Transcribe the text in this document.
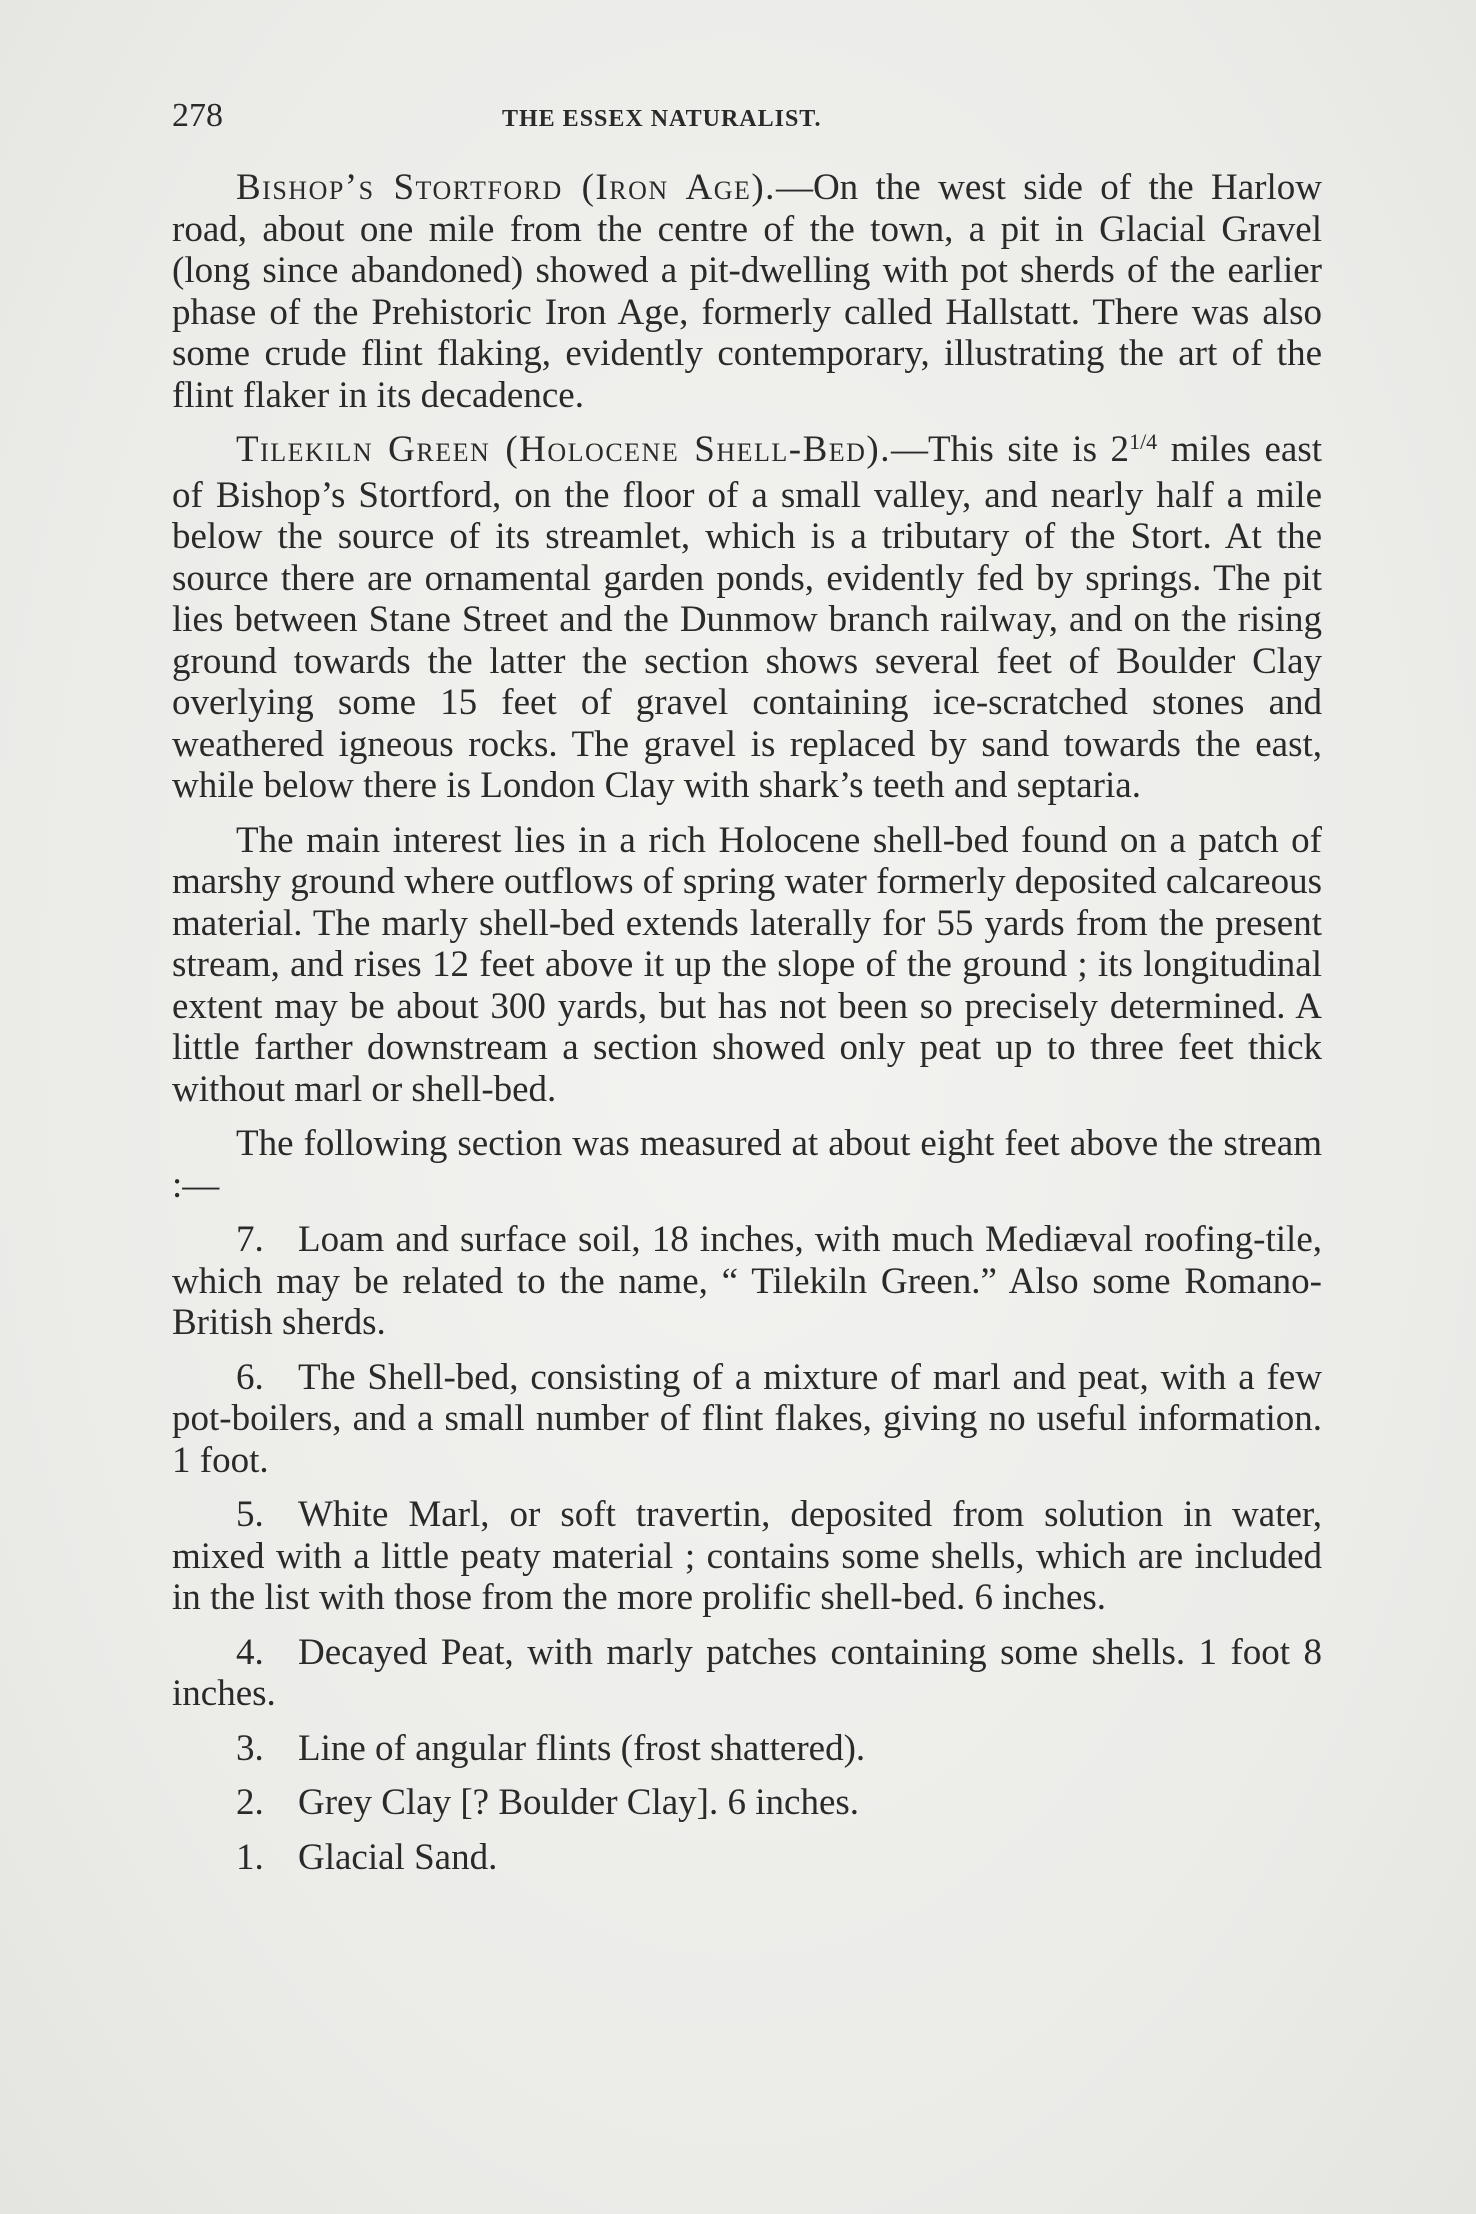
278	THE ESSEX NATURALIST.

Bishop’s Stortford (Iron Age).—On the west side of the Harlow road, about one mile from the centre of the town, a pit in Glacial Gravel (long since abandoned) showed a pit-dwelling with pot sherds of the earlier phase of the Prehistoric Iron Age, formerly called Hallstatt. There was also some crude flint flaking, evidently contemporary, illustrating the art of the flint flaker in its decadence.

Tilekiln Green (Holocene Shell-Bed).—This site is $2^{1/4}$ miles east of Bishop’s Stortford, on the floor of a small valley, and nearly half a mile below the source of its streamlet, which is a tributary of the Stort. At the source there are ornamental garden ponds, evidently fed by springs. The pit lies between Stane Street and the Dunmow branch railway, and on the rising ground towards the latter the section shows several feet of Boulder Clay overlying some 15 feet of gravel containing ice-scratched stones and weathered igneous rocks. The gravel is replaced by sand towards the east, while below there is London Clay with shark’s teeth and septaria.

The main interest lies in a rich Holocene shell-bed found on a patch of marshy ground where outflows of spring water formerly deposited calcareous material. The marly shell-bed extends laterally for 55 yards from the present stream, and rises 12 feet above it up the slope of the ground ; its longitudinal extent may be about 300 yards, but has not been so precisely determined. A little farther downstream a section showed only peat up to three feet thick without marl or shell-bed.

The following section was measured at about eight feet above the stream :—

7. Loam and surface soil, 18 inches, with much Mediæval roofing-tile, which may be related to the name, “ Tilekiln Green.” Also some Romano-British sherds.
6. The Shell-bed, consisting of a mixture of marl and peat, with a few pot-boilers, and a small number of flint flakes, giving no useful information. 1 foot.
5. White Marl, or soft travertin, deposited from solution in water, mixed with a little peaty material ; contains some shells, which are included in the list with those from the more prolific shell-bed. 6 inches.
4. Decayed Peat, with marly patches containing some shells. 1 foot 8 inches.
3. Line of angular flints (frost shattered).
2. Grey Clay [? Boulder Clay]. 6 inches.
1. Glacial Sand.
